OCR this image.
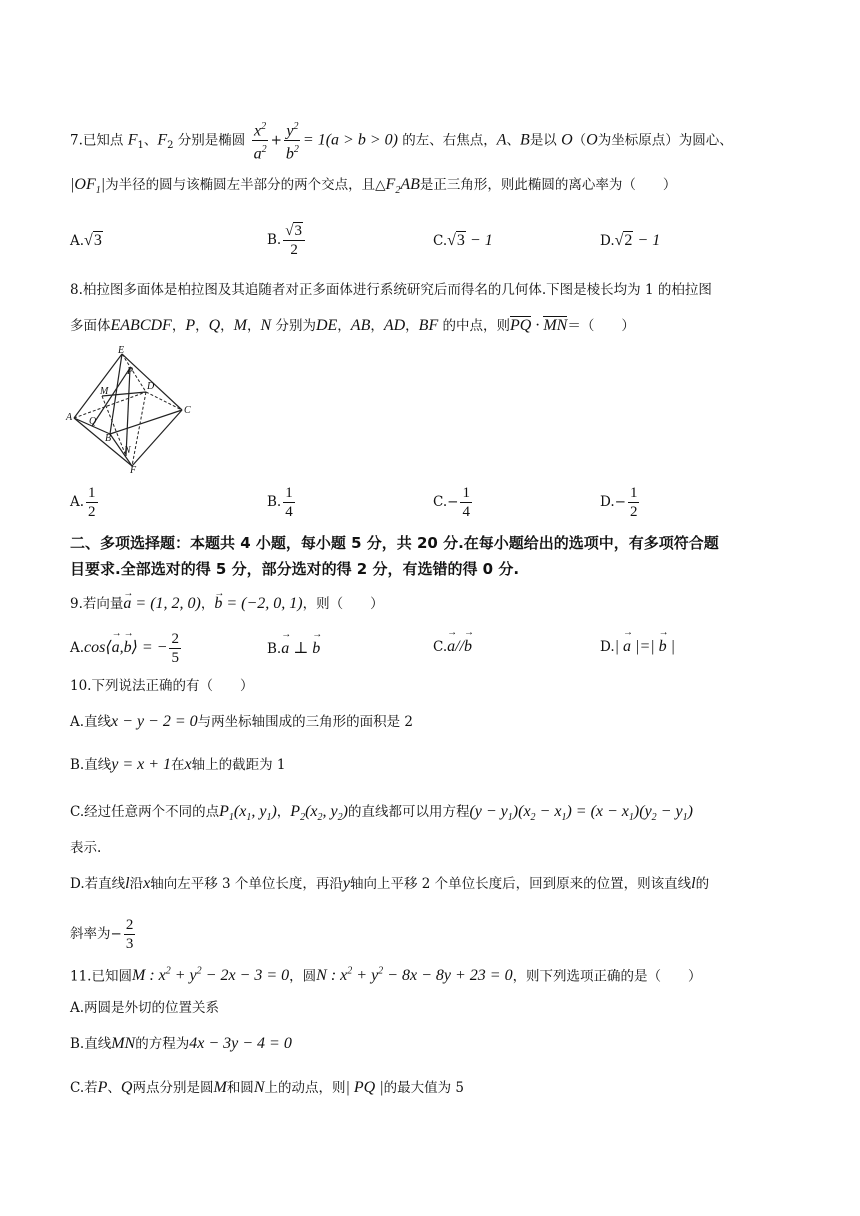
7.已知点 $F_1$、$F_2$ 分别是椭圆 $\frac{x^2}{a^2} + \frac{y^2}{b^2} = 1(a > b > 0)$ 的左、右焦点，A、B是以 O（O为坐标原点）为圆心、
$|OF_1|$为半径的圆与该椭圆左半部分的两个交点，且$\triangle F_2AB$是正三角形，则此椭圆的离心率为（　　）
A.√3	B. $\frac{√3}{2}$	C.√3 − 1	D.√2 − 1
8.柏拉图多面体是柏拉图及其追随者对正多面体进行系统研究后而得名的几何体.下图是棱长均为 1 的柏拉图
多面体EABCDF，P，Q，M，N 分别为DE，AB，AD，BF 的中点，则PQ · MN＝（　　）
E
P
M	D
C
A Q
B
N
F
A. $\frac{1}{2}$	B. $\frac{1}{4}$	$C.- \frac{1}{4}$	$D.- \frac{1}{2}$
二、多项选择题：本题共 4 小题，每小题 5 分，共 20 分.在每小题给出的选项中，有多项符合题
目要求.全部选对的得 5 分，部分选对的得 2 分，有选错的得 0 分.
9.若向量→ a = (1, 2, 0)，→ b = (−2, 0, 1)，则（　　）
A.cos⟨→ a,→ b⟩ = − $\frac{2}{5}$	B.→ a ⊥ → b	C.→ a//→ b	D.| → a |=| → b |
10.下列说法正确的有（　　）
A.直线x − y − 2 = 0与两坐标轴围成的三角形的面积是 2
B.直线y = x + 1在x轴上的截距为 1
C.经过任意两个不同的点$P_1(x_1$, $y_1$)，$P_2(x_2$, $y_2$)的直线都可以用方程$(y - y_1)(x_2 - x_1) = (x - x_1)(y_2 - y_1)$
表示.
D.若直线l沿x轴向左平移 3 个单位长度，再沿y轴向上平移 2 个单位长度后，回到原来的位置，则该直线l的
斜率为− $\frac{2}{3}$
11.已知圆M : $x^2 + y^2 - 2x - 3 = 0$，圆N : $x^2 + y^2 - 8x - 8y + 23 = 0$，则下列选项正确的是（　　）
A.两圆是外切的位置关系
B.直线MN的方程为4x − 3y − 4 = 0
C.若P、Q两点分别是圆M和圆N上的动点，则| PQ |的最大值为 5
